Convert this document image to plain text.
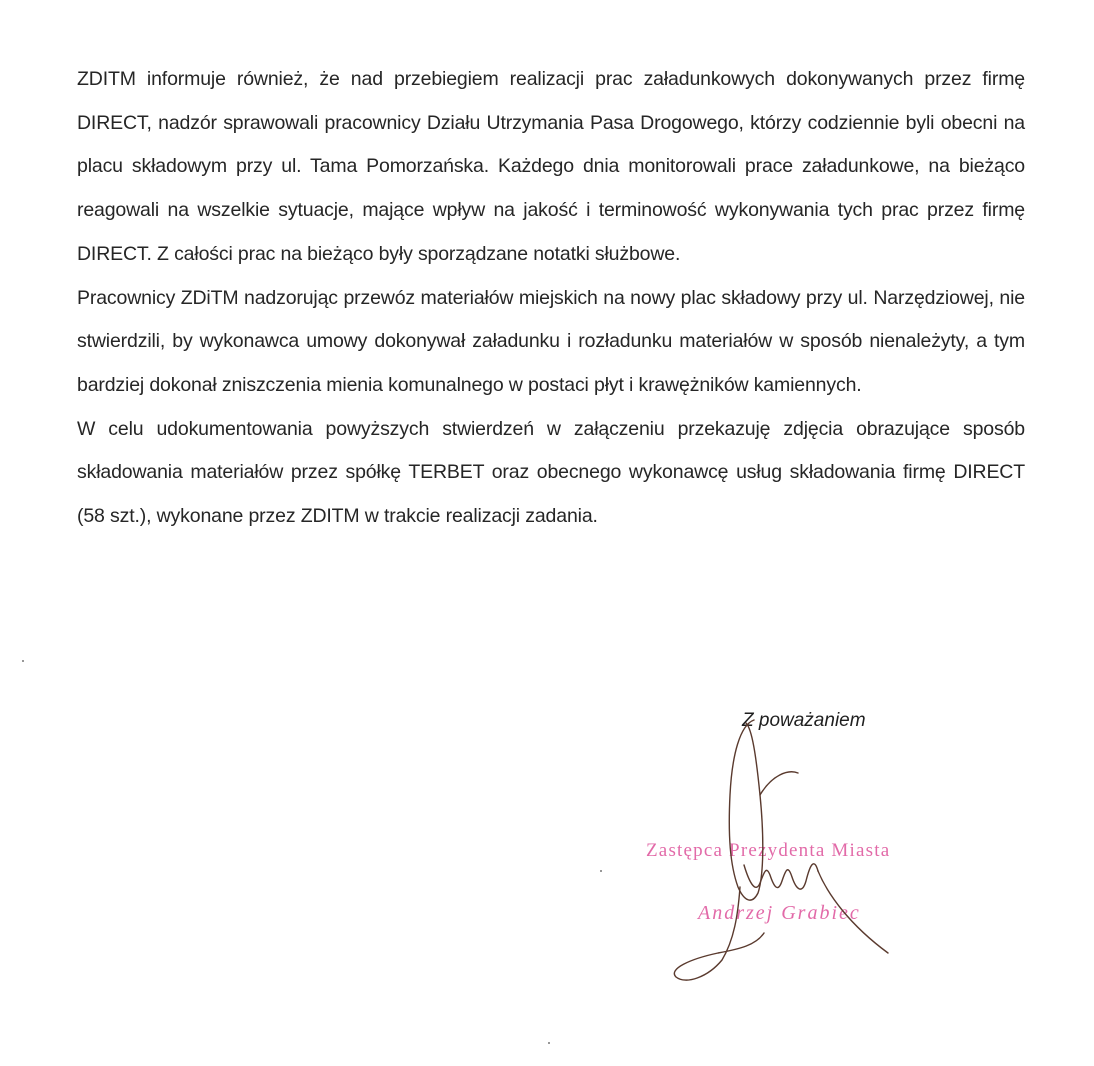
ZDITM informuje również, że nad przebiegiem realizacji prac załadunkowych dokonywanych przez firmę DIRECT, nadzór sprawowali pracownicy Działu Utrzymania Pasa Drogowego, którzy codziennie byli obecni na placu składowym przy ul. Tama Pomorzańska. Każdego dnia monitorowali prace załadunkowe, na bieżąco reagowali na wszelkie sytuacje, mające wpływ na jakość i terminowość wykonywania tych prac przez firmę DIRECT. Z całości prac na bieżąco były sporządzane notatki służbowe.

Pracownicy ZDiTM nadzorując przewóz materiałów miejskich na nowy plac składowy przy ul. Narzędziowej, nie stwierdzili, by wykonawca umowy dokonywał załadunku i rozładunku materiałów w sposób nienależyty, a tym bardziej dokonał zniszczenia mienia komunalnego w postaci płyt i krawężników kamiennych.

W celu udokumentowania powyższych stwierdzeń w załączeniu przekazuję zdjęcia obrazujące sposób składowania materiałów przez spółkę TERBET oraz obecnego wykonawcę usług składowania firmę DIRECT (58 szt.), wykonane przez ZDITM w trakcie realizacji zadania.

Z poważaniem
Zastępca Prezydenta Miasta
Andrzej Grabiec
